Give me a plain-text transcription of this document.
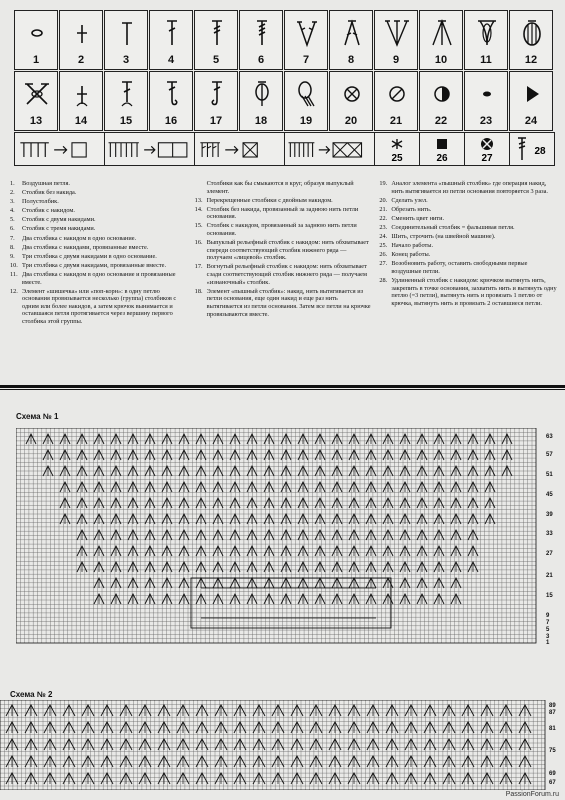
1	2	3	4	5	6	7	8	9	10	11	12
13	14	15	16	17	18	19	20	21	22	23	24
25	26	27
28
1.	Воздушная петля.
2.	Столбик без накида.
3.	Полустолбик.
4.	Столбик с накидом.
5.	Столбик с двумя накидами.
6.	Столбик с тремя накидами.
7.	Два столбика с накидом в одно основание.
8.	Два столбика с накидами, провязанные вместе.
9.	Три столбика с двумя накидами в одно основание.
10. Три столбика с двумя накидами, провязанные вместе.
11. Два столбика с накидом в одно основание и провязанные вместе.
12. Элемент «шишечка» или «поп-корн»: в одну петлю основания провязывается несколько (группа) столбиков с одним или более накидов, а затем крючок вынимается и оставшаяся петля протягивается через вершину первого столбика этой группы.
Столбики как бы смыкаются в круг, образуя выпуклый элемент.
13. Перекрещенные столбики с двойным накидом.
14. Столбик без накида, провязанный за заднюю нить петли основания.
15. Столбик с накидом, провязанный за заднюю нить петли основания.
16. Выпуклый рельефный столбик с накидом: нить обхватывает спереди соответствующий столбик нижнего ряда — получаем «лицевой» столбик.
17. Вогнутый рельефный столбик с накидом: нить обхватывает сзади соответствующий столбик нижнего ряда — получаем «изнаночный» столбик.
18. Элемент «пышный столбик»: накид, нить вытягивается из петли основания, еще один накид и еще раз нить вытягивается из петли основания. Затем все петли на крючке провязываются вместе.
19. Аналог элемента «пышный столбик» где операция накид, нить вытягивается из петли основания повторяется 3 раза.
20. Сделать узел.
21. Обрезать нить.
22. Сменить цвет нити.
23. Соединительный столбик = фальшивая петля.
24. Шить, строчить (на швейной машине).
25. Начало работы.
26. Конец работы.
27. Возобновить работу, оставить свободными первые воздушные петли.
28. Удлиненный столбик с накидом: крючком вытянуть нить, закрепить в точке основания, захватить нить и вытянуть одну петлю (=3 петли), вытянуть нить и провязать 1 петлю от крючка, вытянуть нить и провязать 2 оставшиеся петли.
Схема № 1
63
57
51
45
39
33
27
21
15
9
7
5
3
1
Схема № 2
89
87
81
75
69
67
PassionForum.ru
